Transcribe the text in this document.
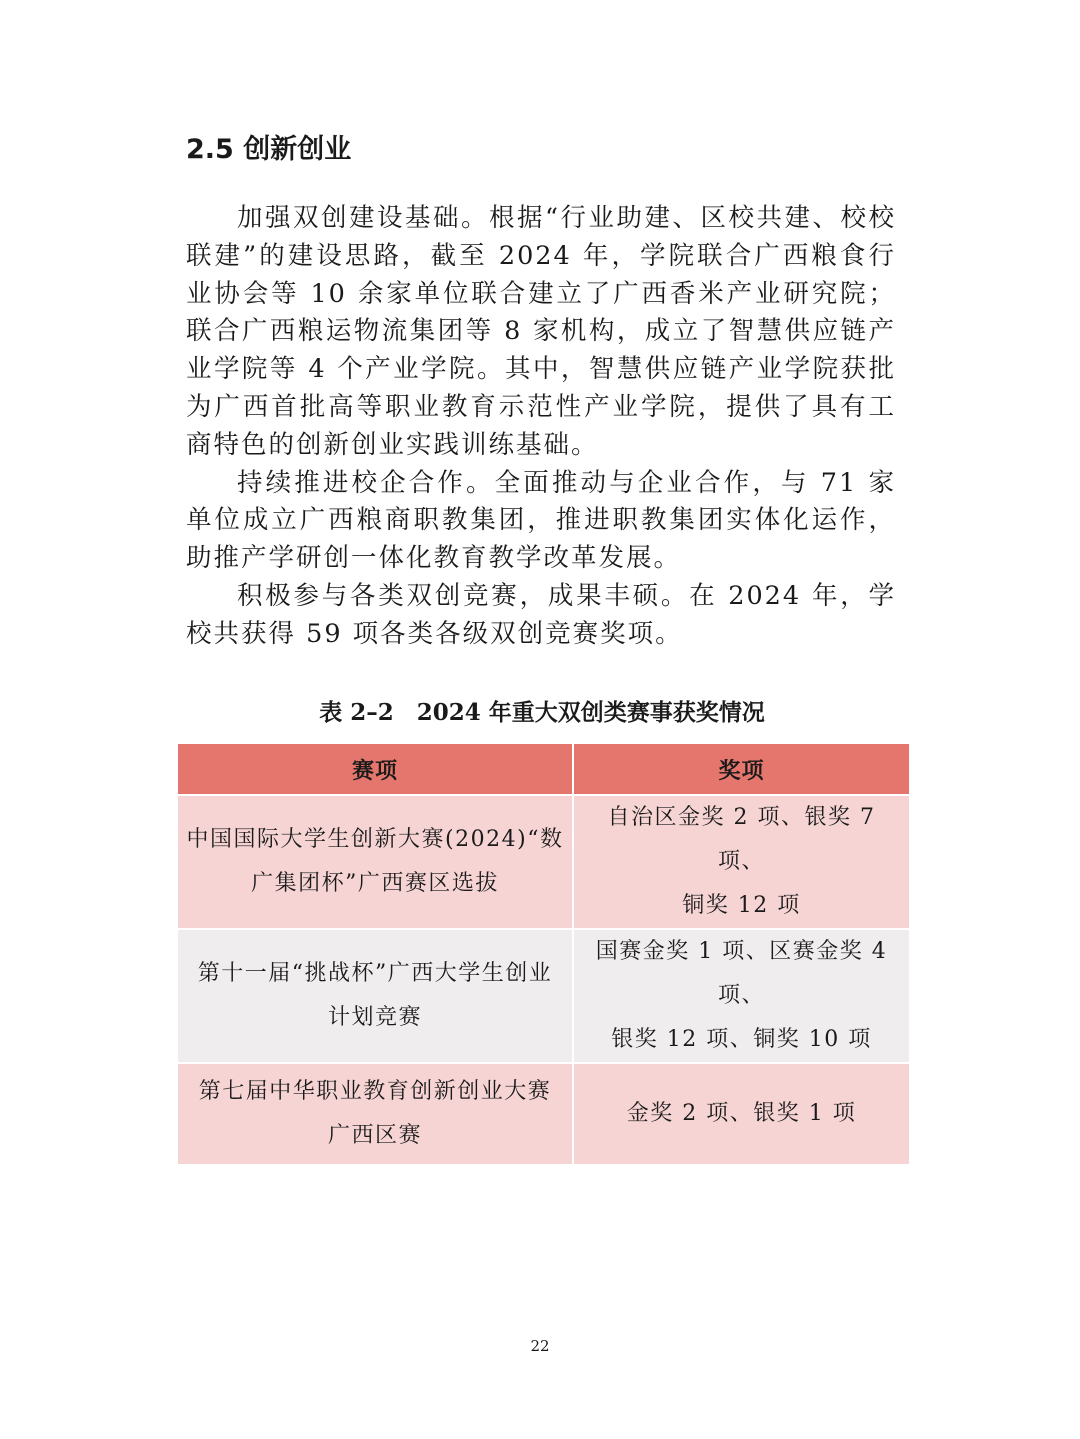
2.5 创新创业

加强双创建设基础。根据“行业助建、区校共建、校校联建”的建设思路，截至 2024 年，学院联合广西粮食行业协会等 10 余家单位联合建立了广西香米产业研究院；联合广西粮运物流集团等 8 家机构，成立了智慧供应链产业学院等 4 个产业学院。其中，智慧供应链产业学院获批为广西首批高等职业教育示范性产业学院，提供了具有工商特色的创新创业实践训练基础。

持续推进校企合作。全面推动与企业合作，与 71 家单位成立广西粮商职教集团，推进职教集团实体化运作，助推产学研创一体化教育教学改革发展。

积极参与各类双创竞赛，成果丰硕。在 2024 年，学校共获得 59 项各类各级双创竞赛奖项。

表 2–2　2024 年重大双创类赛事获奖情况
赛项	奖项
中国国际大学生创新大赛(2024)“数
广集团杯”广西赛区选拔	自治区金奖 2 项、银奖 7 项、
铜奖 12 项
第十一届“挑战杯”广西大学生创业
计划竞赛	国赛金奖 1 项、区赛金奖 4 项、
银奖 12 项、铜奖 10 项
第七届中华职业教育创新创业大赛
广西区赛	金奖 2 项、银奖 1 项
22
